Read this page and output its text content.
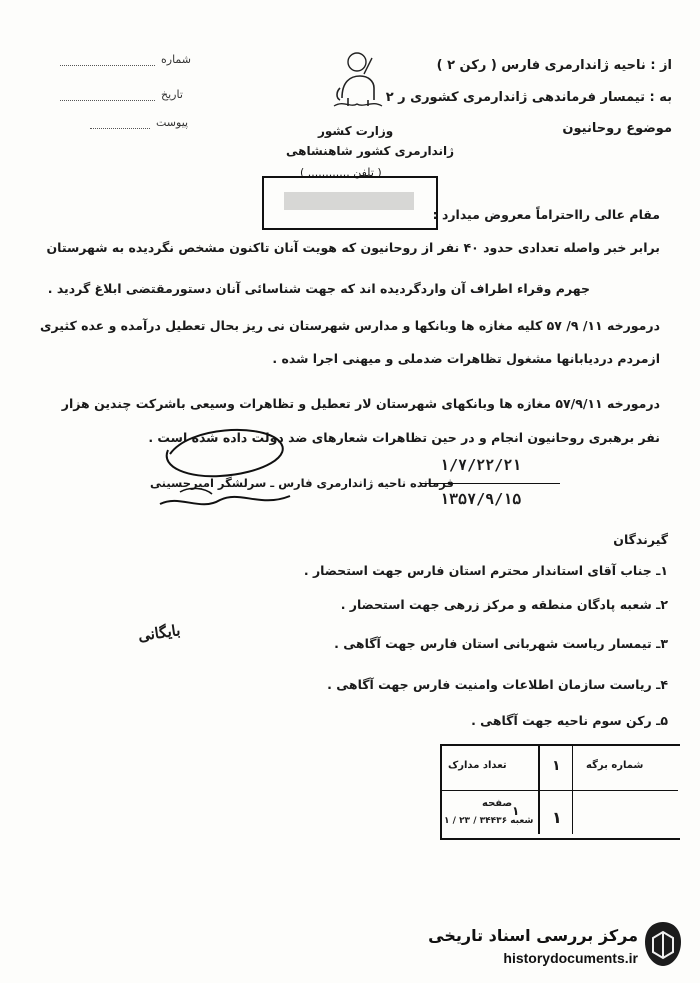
شماره
تاریخ
پیوست
از : ناحیه ژاندارمری فارس ( رکن ۲ )
به : تیمسار فرماندهی ژاندارمری کشوری ر ۲
موضوع روحانیون
وزارت کشور
ژاندارمری کشور شاهنشاهی
( تلفن ............ )
مقام عالی رااحتراماً معروض میدارد :
برابر خبر واصله تعدادی حدود ۴۰ نفر از روحانیون که هویت آنان تاکنون مشخص نگردیده به شهرستان
جهرم وقراء اطراف آن واردگردیده اند که جهت شناسائی آنان دستورمقتضی ابلاغ گردید .
درمورخه ۱۱/ ۹/ ۵۷ کلیه مغازه ها وبانکها و مدارس شهرستان نی ریز بحال تعطیل درآمده و عده کثیری
ازمردم دردیابانها مشغول تظاهرات ضدملی و میهنی اجرا شده .
درمورخه ۵۷/۹/۱۱ مغازه ها وبانکهای شهرستان لار تعطیل و تظاهرات وسیعی باشرکت چندین هزار
نفر برهبری روحانیون انجام و در حین تظاهرات شعارهای ضد دولت داده شده است .
فرمانده ناحیه ژاندارمری فارس ـ سرلشگر امیرحسینی
۱/۷/۲۲/۲۱
۱۳۵۷/۹/۱۵
گیرندگان
۱ـ جناب آقای استاندار محترم استان فارس جهت استحضار .
۲ـ شعبه پادگان منطقه و مرکز زرهی جهت استحضار .
۳ـ تیمسار ریاست شهربانی استان فارس جهت آگاهی .
۴ـ ریاست سازمان اطلاعات وامنیت فارس جهت آگاهی .
۵ـ رکن سوم ناحیه جهت آگاهی .
بایگانی
شماره برگه
۱
تعداد مدارک
صفحه
۱
۱
شعبه ۳۴۴۳۶ / ۲۳ / ۱
مرکز بررسی اسناد تاریخی
historydocuments.ir
